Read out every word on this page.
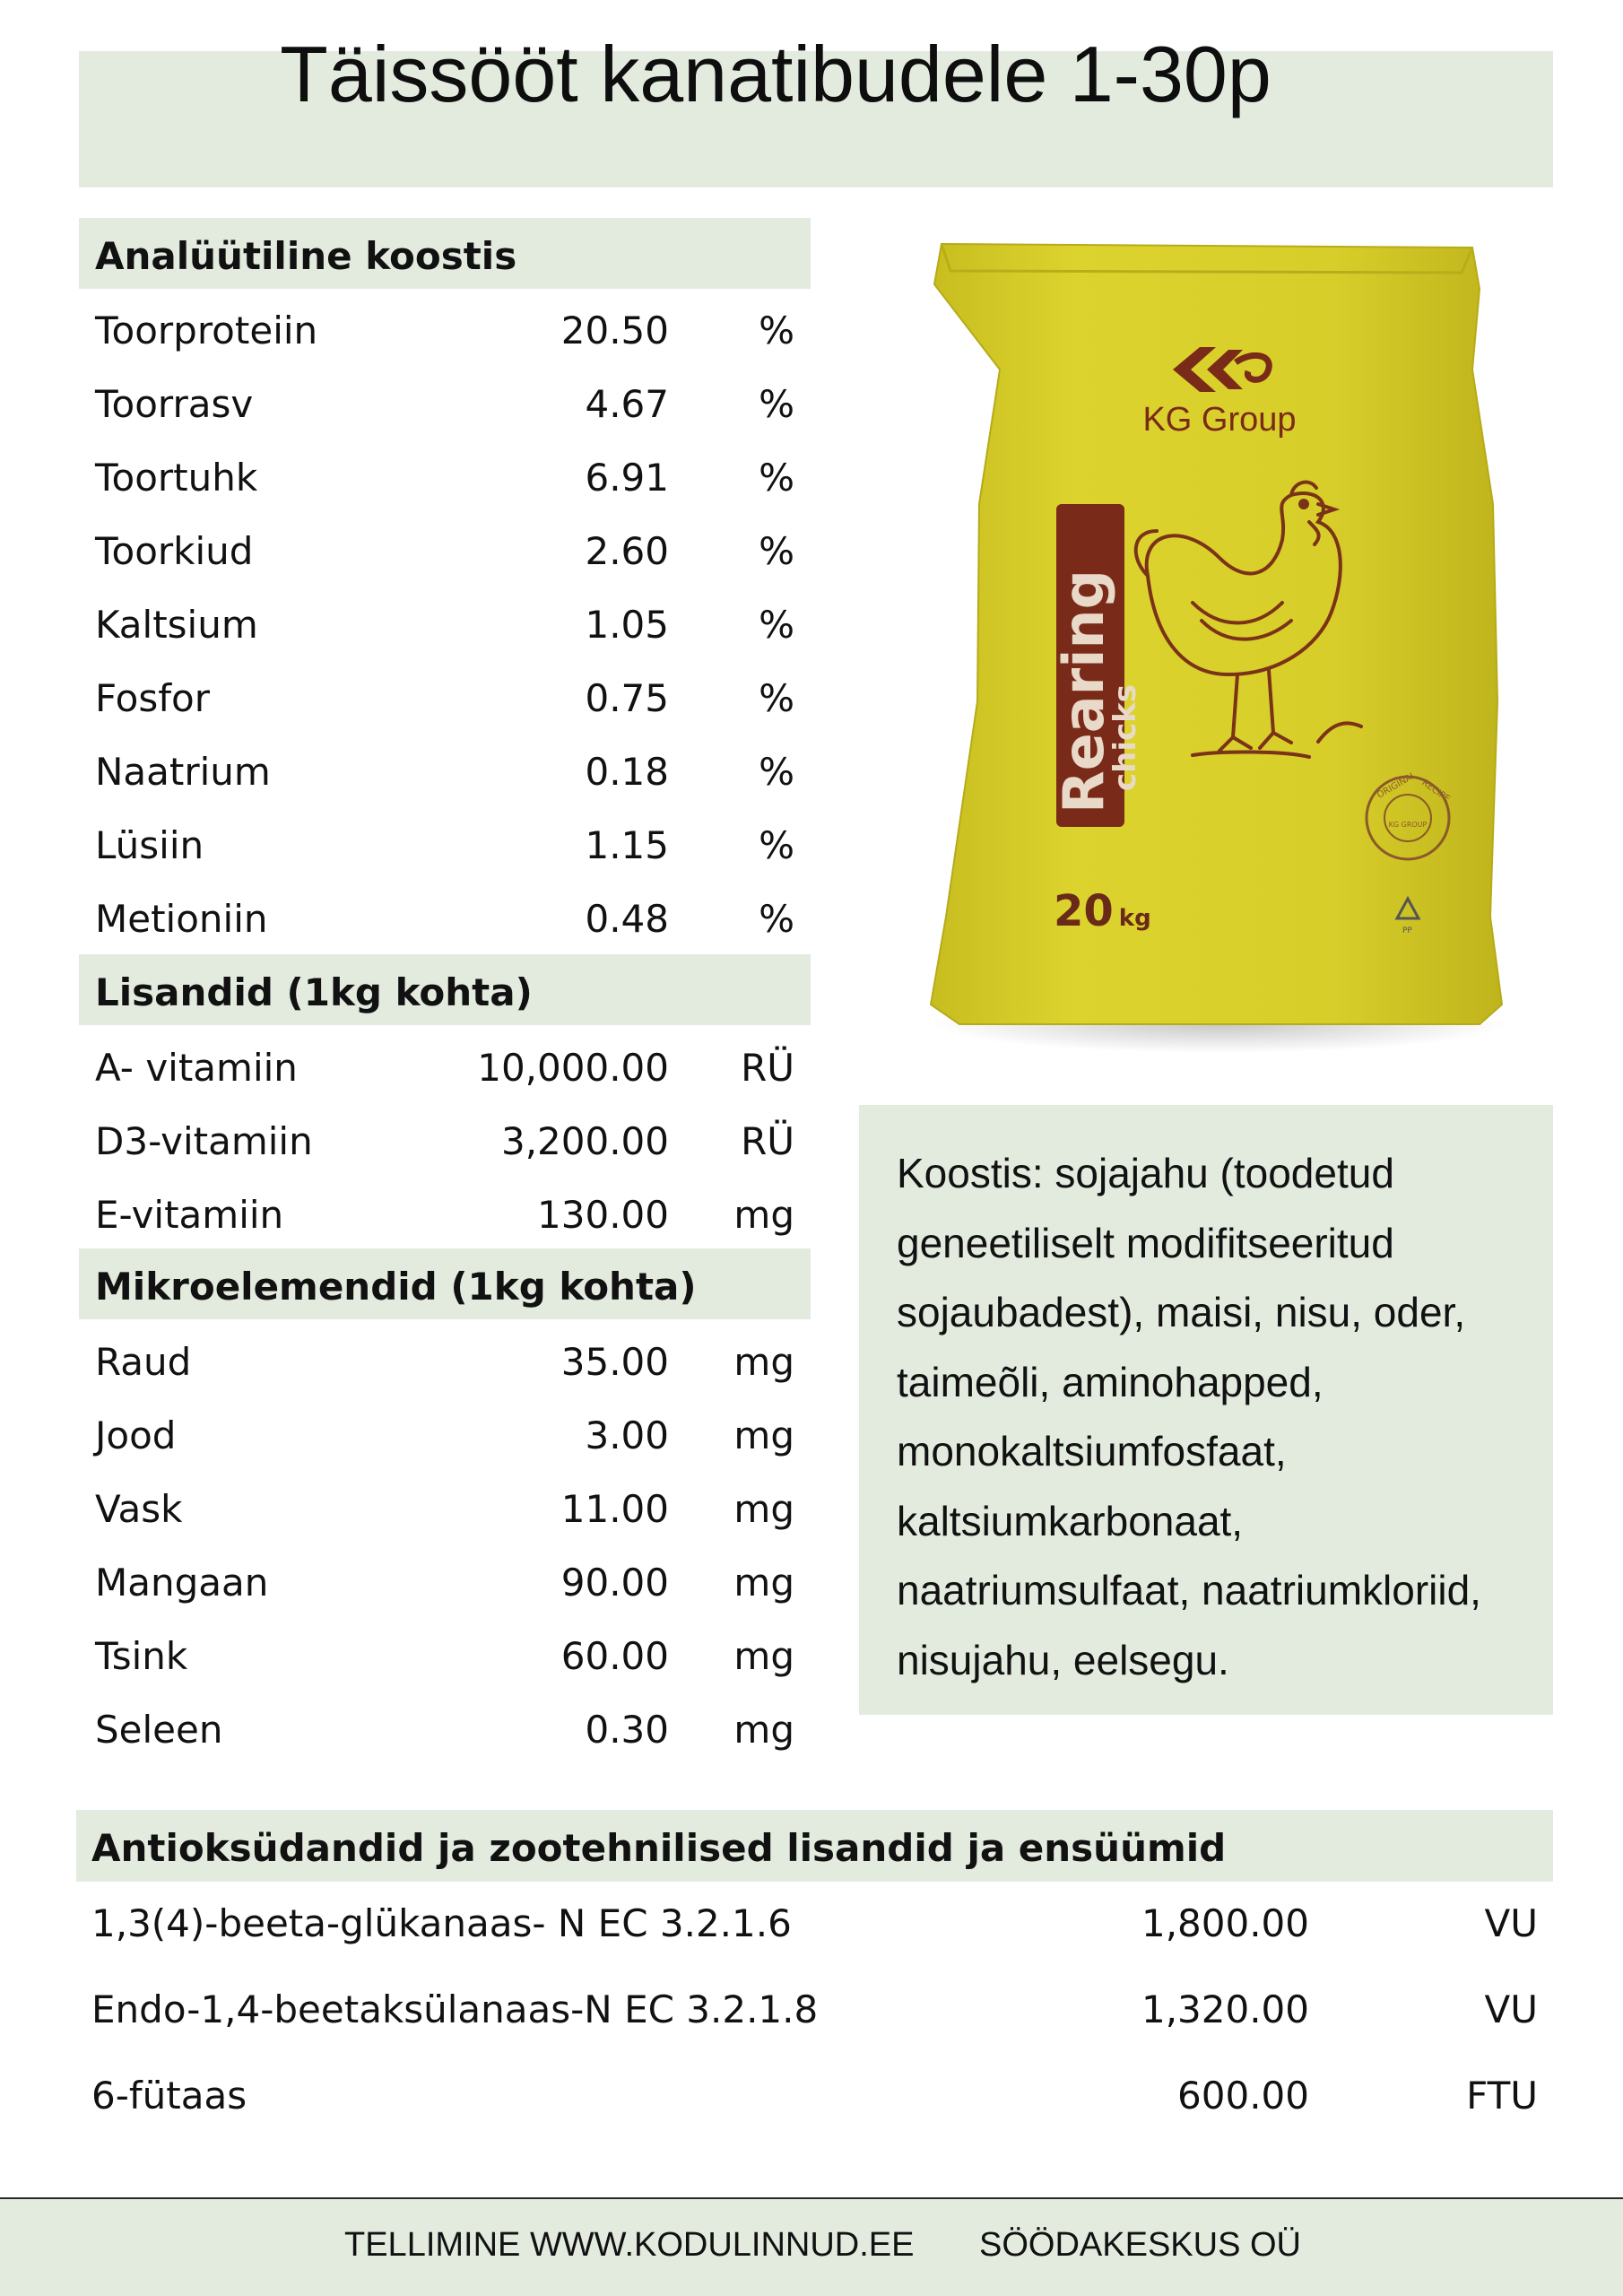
Täissööt kanatibudele 1-30p
Analüütiline koostis
Toorproteiin	20.50 %
Toorrasv	4.67 %
Toortuhk	6.91 %
Toorkiud	2.60 %
Kaltsium	1.05 %
Fosfor	0.75 %
Naatrium	0.18 %
Lüsiin	1.15 %
Metioniin	0.48 %
Lisandid (1kg kohta)
A- vitamiin	10,000.00 RÜ
D3-vitamiin	3,200.00 RÜ
E-vitamiin	130.00 mg
Mikroelemendid (1kg kohta)
Raud	35.00 mg
Jood	3.00 mg
Vask	11.00 mg
Mangaan	90.00 mg
Tsink	60.00 mg
Seleen	0.30 mg
KG Group
Rearing
chicks	ORIGINAL RECIPE
KG GROUP
20 kg	PP
Koostis: sojajahu (toodetud
geneetiliselt modifitseeritud
sojaubadest), maisi, nisu, oder,
taimeõli, aminohapped,
monokaltsiumfosfaat,
kaltsiumkarbonaat,
naatriumsulfaat, naatriumkloriid,
nisujahu, eelsegu.
Antioksüdandid ja zootehnilised lisandid ja ensüümid
1,3(4)-beeta-glükanaas- N EC 3.2.1.6	1,800.00	VU
Endo-1,4-beetaksülanaas-N EC 3.2.1.8	1,320.00	VU
6-fütaas	600.00	FTU
TELLIMINE WWW.KODULINNUD.EE SÖÖDAKESKUS OÜ
